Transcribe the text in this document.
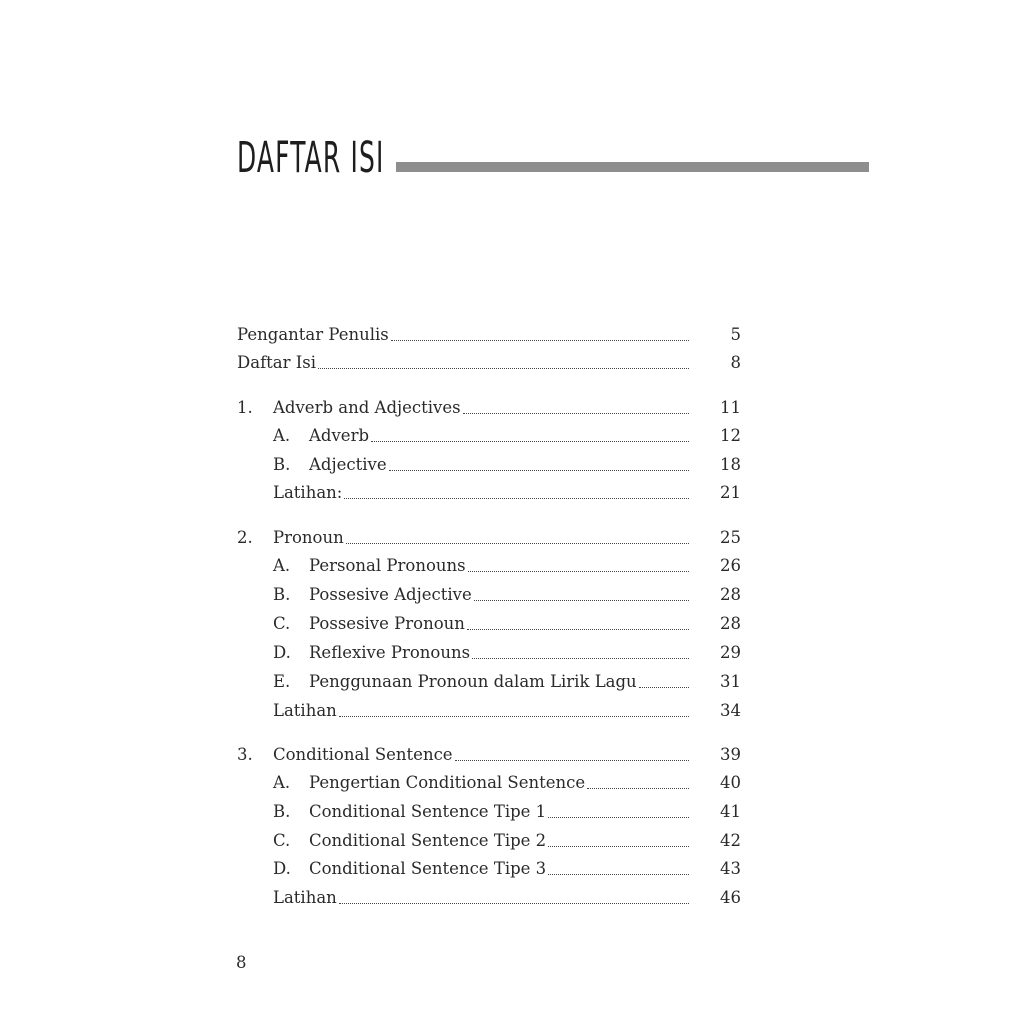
DAFTAR ISI
Pengantar Penulis	5
Daftar Isi	8
1. Adverb and Adjectives	11
A. Adverb	12
B. Adjective	18
Latihan:	21
2. Pronoun	25
A. Personal Pronouns	26
B. Possesive Adjective	28
C. Possesive Pronoun	28
D. Reflexive Pronouns	29
E. Penggunaan Pronoun dalam Lirik Lagu	31
Latihan	34
3. Conditional Sentence	39
A. Pengertian Conditional Sentence	40
B. Conditional Sentence Tipe 1	41
C. Conditional Sentence Tipe 2	42
D. Conditional Sentence Tipe 3	43
Latihan	46
8
